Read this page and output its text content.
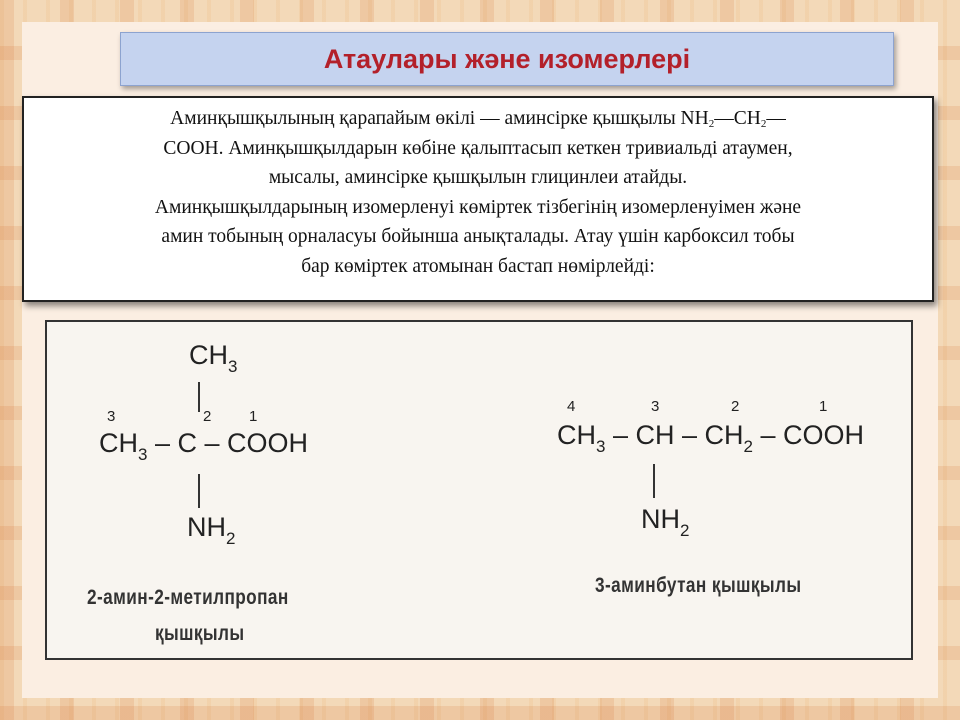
Атаулары және изомерлері
Аминқышқылының қарапайым өкілі — аминсірке қышқылы $NH_2—CH_2—$
COOH. Аминқышқылдарын көбіне қалыптасып кеткен тривиальді атаумен,
мысалы, аминсірке қышқылын глицинлеи атайды.
Аминқышқылдарының изомерленуі көміртек тізбегінің изомерленуімен және
амин тобының орналасуы бойынша анықталады. Атау үшін карбоксил тобы
бар көміртек атомынан бастап нөмірлейді:
$CH_3$
3	2	1
$CH_3$ – C – COOH
$NH_2$
2-амин-2-метилпропан
қышқылы
4	3	2	1
$CH_3$ – CH – $CH_2$ – COOH
$NH_2$
3-аминбутан қышқылы
